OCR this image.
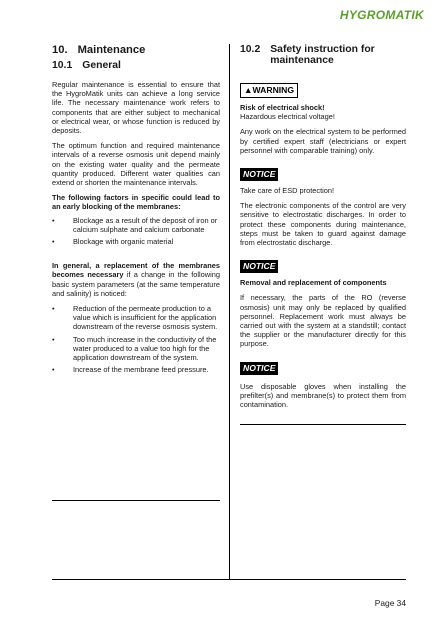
HYGROMATIK
10. Maintenance
10.1 General

Regular maintenance is essential to ensure that the HygroMatik units can achieve a long service life. The necessary maintenance work refers to components that are either subject to mechanical or electrical wear, or whose function is reduced by deposits.

The optimum function and required maintenance intervals of a reverse osmosis unit depend mainly on the existing water quality and the permeate quantity produced. Different water qualities can extend or shorten the maintenance intervals.

The following factors in specific could lead to an early blocking of the membranes:

• Blockage as a result of the deposit of iron or calcium sulphate and calcium carbonate
• Blockage with organic material

In general, a replacement of the membranes becomes necessary if a change in the following basic system parameters (at the same temperature and salinity) is noticed:

• Reduction of the permeate production to a value which is insufficient for the application downstream of the reverse osmosis system.
• Too much increase in the conductivity of the water produced to a value too high for the application downstream of the system.
• Increase of the membrane feed pressure.
10.2 Safety instruction for maintenance
▲WARNING

Risk of electrical shock!

Hazardous electrical voltage!

Any work on the electrical system to be performed by certified expert staff (electricians or expert personnel with comparable training) only.

NOTICE

Take care of ESD protection!

The electronic components of the control are very sensitive to electrostatic discharges. In order to protect these components during maintenance, steps must be taken to guard against damage from electrostatic discharge.

NOTICE

Removal and replacement of components

If necessary, the parts of the RO (reverse osmosis) unit may only be replaced by qualified personnel. Replacement work must always be carried out with the system at a standstill; contact the supplier or the manufacturer directly for this purpose.

NOTICE

Use disposable gloves when installing the prefilter(s) and membrane(s) to protect them from contamination.

Page 34
